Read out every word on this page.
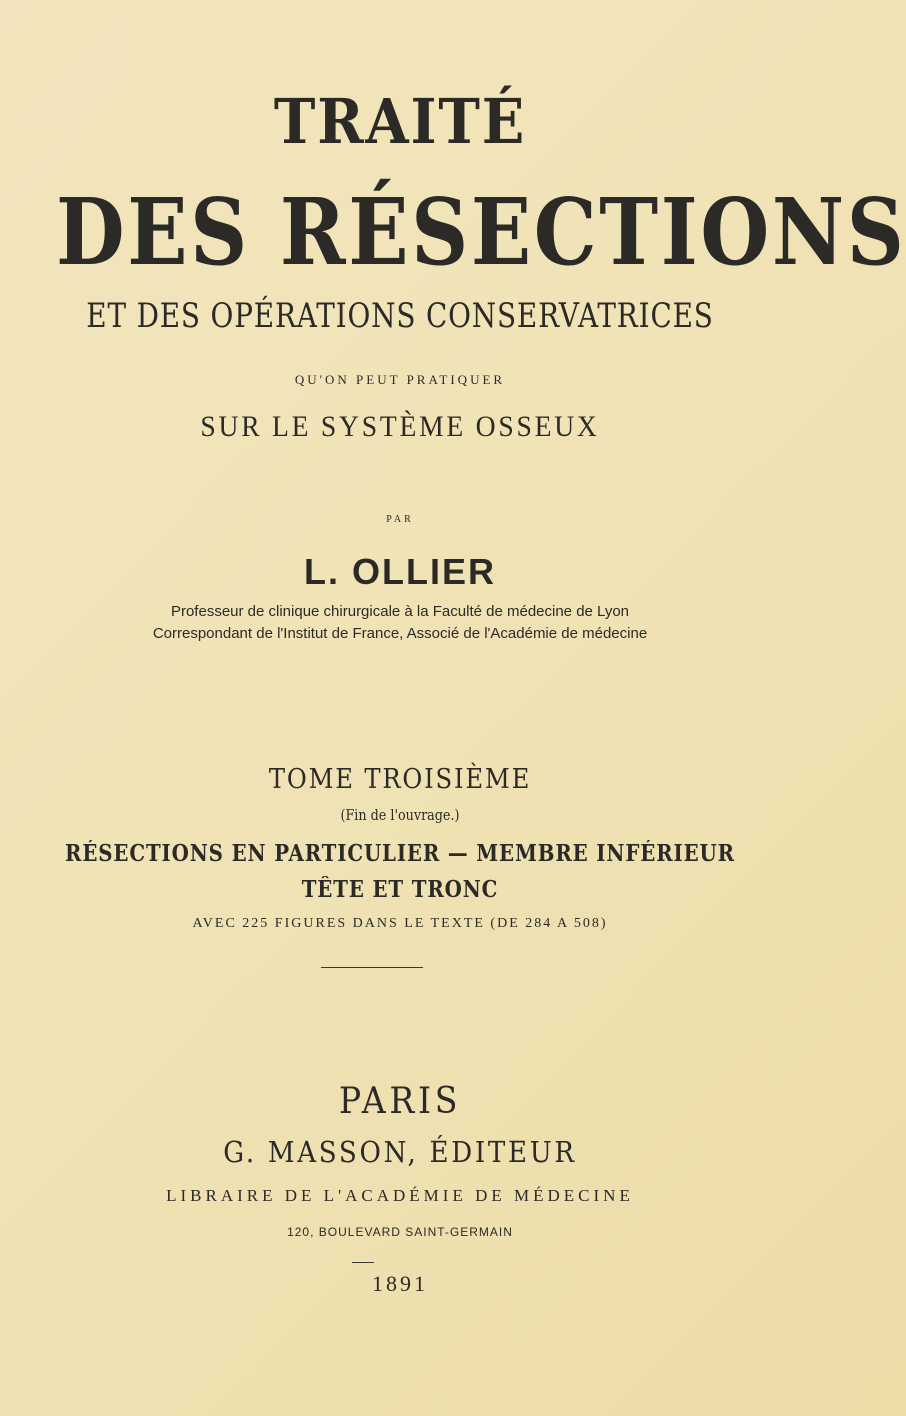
TRAITÉ
DES RÉSECTIONS
ET DES OPÉRATIONS CONSERVATRICES
QU'ON PEUT PRATIQUER
SUR LE SYSTÈME OSSEUX
PAR
L. OLLIER
Professeur de clinique chirurgicale à la Faculté de médecine de Lyon
Correspondant de l'Institut de France, Associé de l'Académie de médecine
TOME TROISIÈME
(Fin de l'ouvrage.)
RÉSECTIONS EN PARTICULIER — MEMBRE INFÉRIEUR
TÊTE ET TRONC
AVEC 225 FIGURES DANS LE TEXTE (DE 284 A 508)
PARIS
G. MASSON, ÉDITEUR
LIBRAIRE DE L'ACADÉMIE DE MÉDECINE
120, BOULEVARD SAINT-GERMAIN
1891
